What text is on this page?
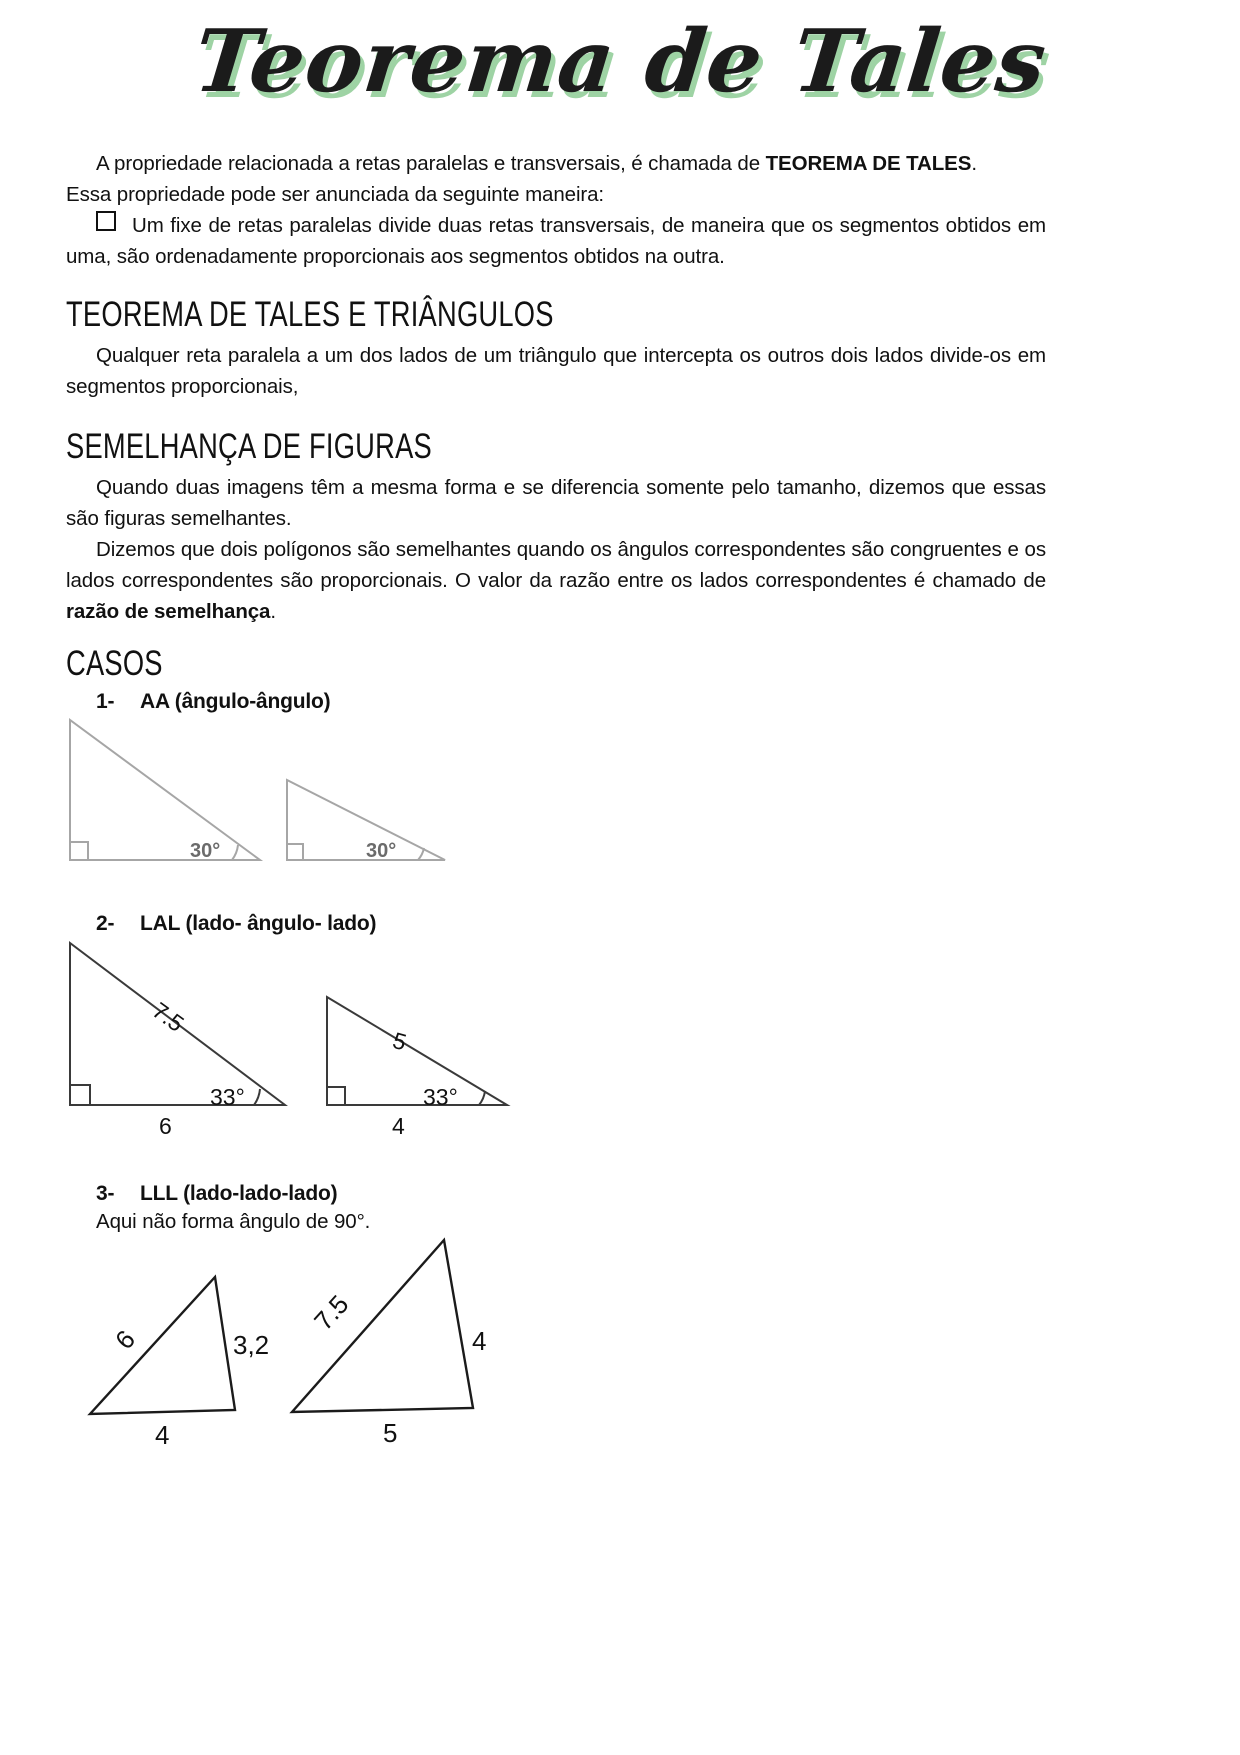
Teorema de Tales

A propriedade relacionada a retas paralelas e transversais, é chamada de TEOREMA DE TALES.

Essa propriedade pode ser anunciada da seguinte maneira:

Um fixe de retas paralelas divide duas retas transversais, de maneira que os segmentos obtidos em uma, são ordenadamente proporcionais aos segmentos obtidos na outra.

TEOREMA DE TALES E TRIÂNGULOS

Qualquer reta paralela a um dos lados de um triângulo que intercepta os outros dois lados divide-os em segmentos proporcionais,

SEMELHANÇA DE FIGURAS

Quando duas imagens têm a mesma forma e se diferencia somente pelo tamanho, dizemos que essas são figuras semelhantes.

Dizemos que dois polígonos são semelhantes quando os ângulos correspondentes são congruentes e os lados correspondentes são proporcionais. O valor da razão entre os lados correspondentes é chamado de razão de semelhança.

CASOS

1- AA (ângulo-ângulo)

30°	30°

2- LAL (lado- ângulo- lado)

7.5
33°
6
5
33°
4

3- LLL (lado-lado-lado)

Aqui não forma ângulo de 90°.

6	3,2
4
7.5
4
5
